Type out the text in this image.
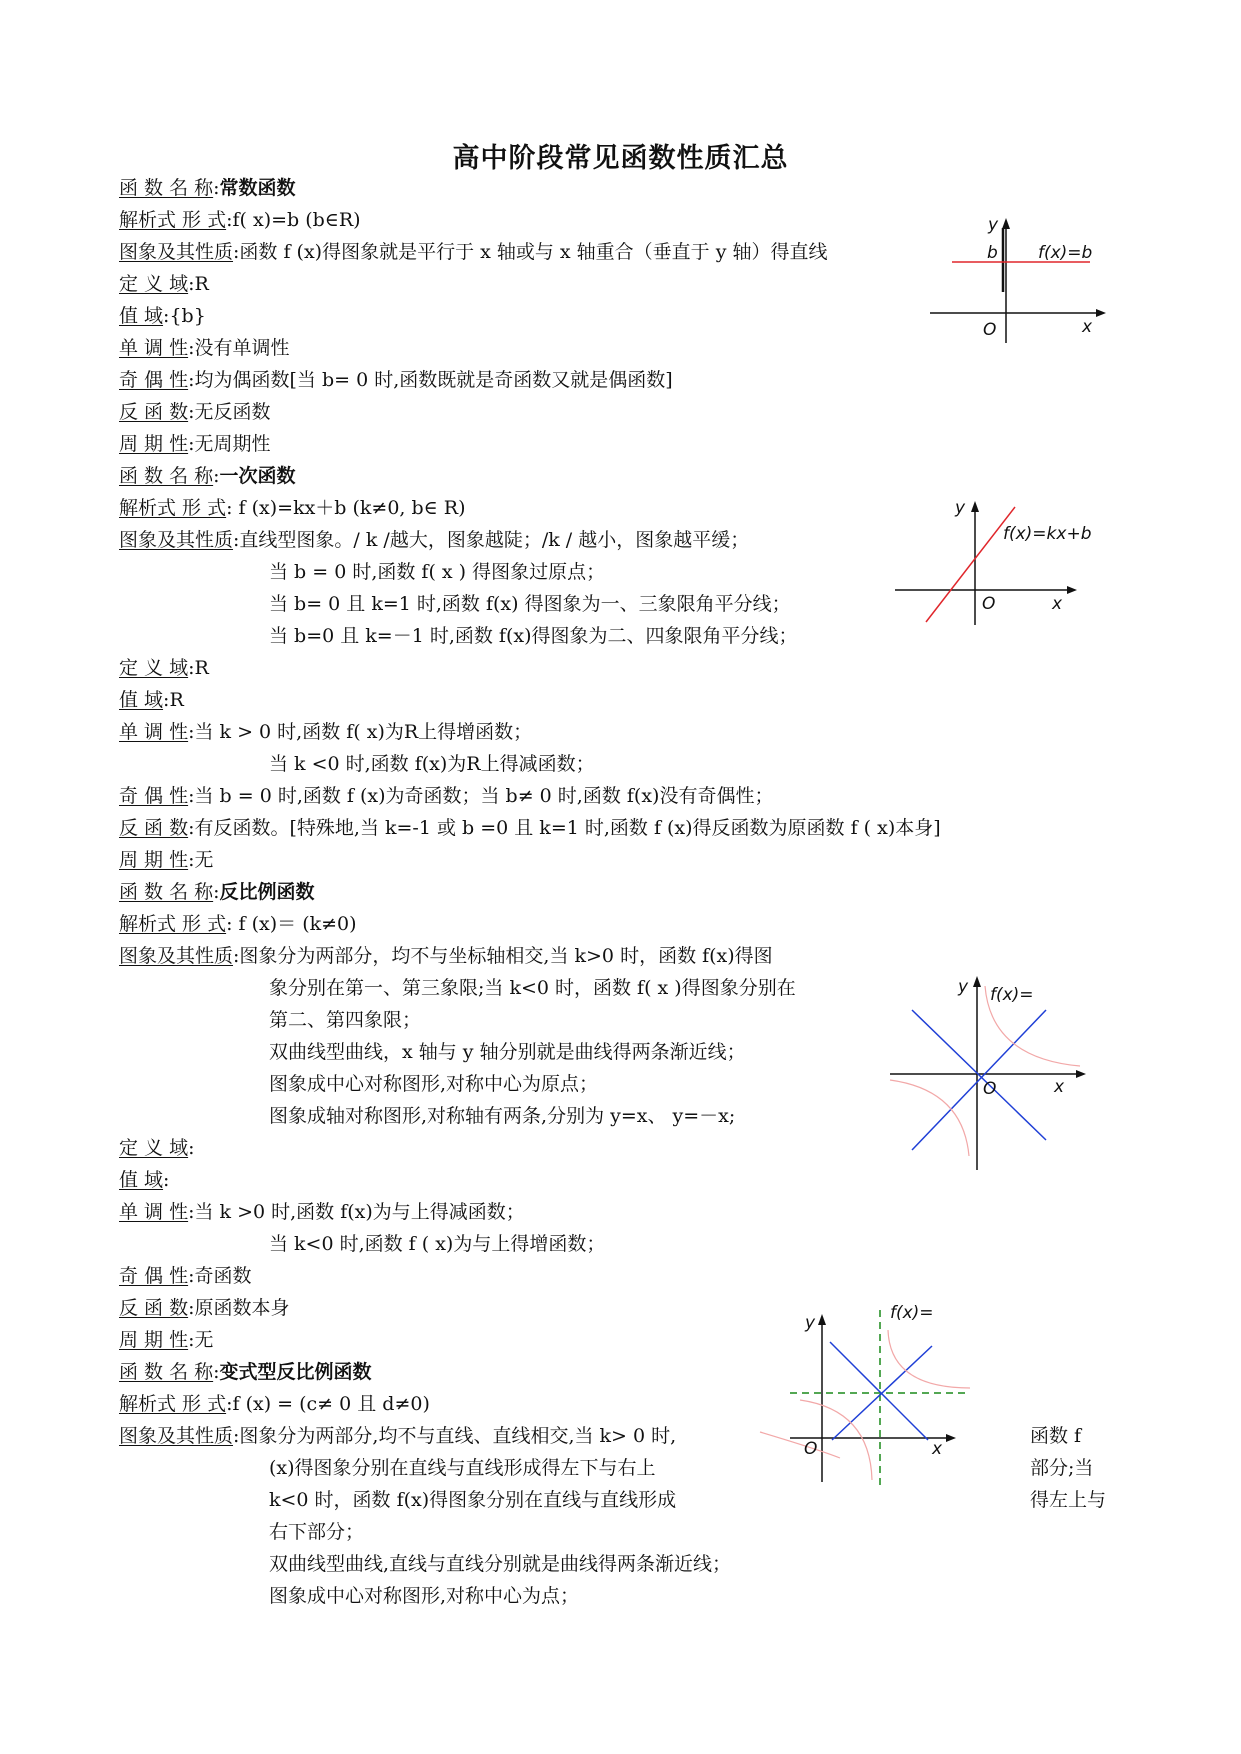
高中阶段常见函数性质汇总
函 数 名 称:常数函数
解析式 形 式:f( x)=b (b∈R)
图象及其性质:函数 f (x)得图象就是平行于 x 轴或与 x 轴重合（垂直于 y 轴）得直线
定 义 域:R
值 域:{b}
单 调 性:没有单调性
奇 偶 性:均为偶函数[当 b= 0 时,函数既就是奇函数又就是偶函数]
反 函 数:无反函数
周 期 性:无周期性
函 数 名 称:一次函数
解析式 形 式: f (x)=kx＋b (k≠0, b∈ R)
图象及其性质:直线型图象。/ k /越大，图象越陡；/k / 越小，图象越平缓；
当 b = 0 时,函数 f( x ) 得图象过原点；
当 b= 0 且 k=1 时,函数 f(x) 得图象为一、三象限角平分线；
当 b=0 且 k=－1 时,函数 f(x)得图象为二、四象限角平分线；
定 义 域:R
值 域:R
单 调 性:当 k > 0 时,函数 f( x)为R上得增函数；
当 k <0 时,函数 f(x)为R上得减函数；
奇 偶 性:当 b = 0 时,函数 f (x)为奇函数；当 b≠ 0 时,函数 f(x)没有奇偶性；
反 函 数:有反函数。[特殊地,当 k=-1 或 b =0 且 k=1 时,函数 f (x)得反函数为原函数 f ( x)本身]
周 期 性:无
函 数 名 称:反比例函数
解析式 形 式: f (x)＝ (k≠0)
图象及其性质:图象分为两部分，均不与坐标轴相交,当 k>0 时，函数 f(x)得图
象分别在第一、第三象限;当 k<0 时，函数 f( x )得图象分别在
第二、第四象限；
双曲线型曲线，x 轴与 y 轴分别就是曲线得两条渐近线；
图象成中心对称图形,对称中心为原点；
图象成轴对称图形,对称轴有两条,分别为 y=x、 y=－x;
定 义 域:
值 域:
单 调 性:当 k >0 时,函数 f(x)为与上得减函数；
当 k<0 时,函数 f ( x)为与上得增函数；
奇 偶 性:奇函数
反 函 数:原函数本身
周 期 性:无
函 数 名 称:变式型反比例函数
解析式 形 式:f (x) = (c≠ 0 且 d≠0)
图象及其性质:图象分为两部分,均不与直线、直线相交,当 k> 0 时,
(x)得图象分别在直线与直线形成得左下与右上
k<0 时，函数 f(x)得图象分别在直线与直线形成
右下部分；
双曲线型曲线,直线与直线分别就是曲线得两条渐近线；
图象成中心对称图形,对称中心为点；
函数 f
部分;当
得左上与
y
b f(x)=b
O	x
y
f(x)=kx+b
O	x
y f(x)=
O	x
y	f(x)=
O	x
